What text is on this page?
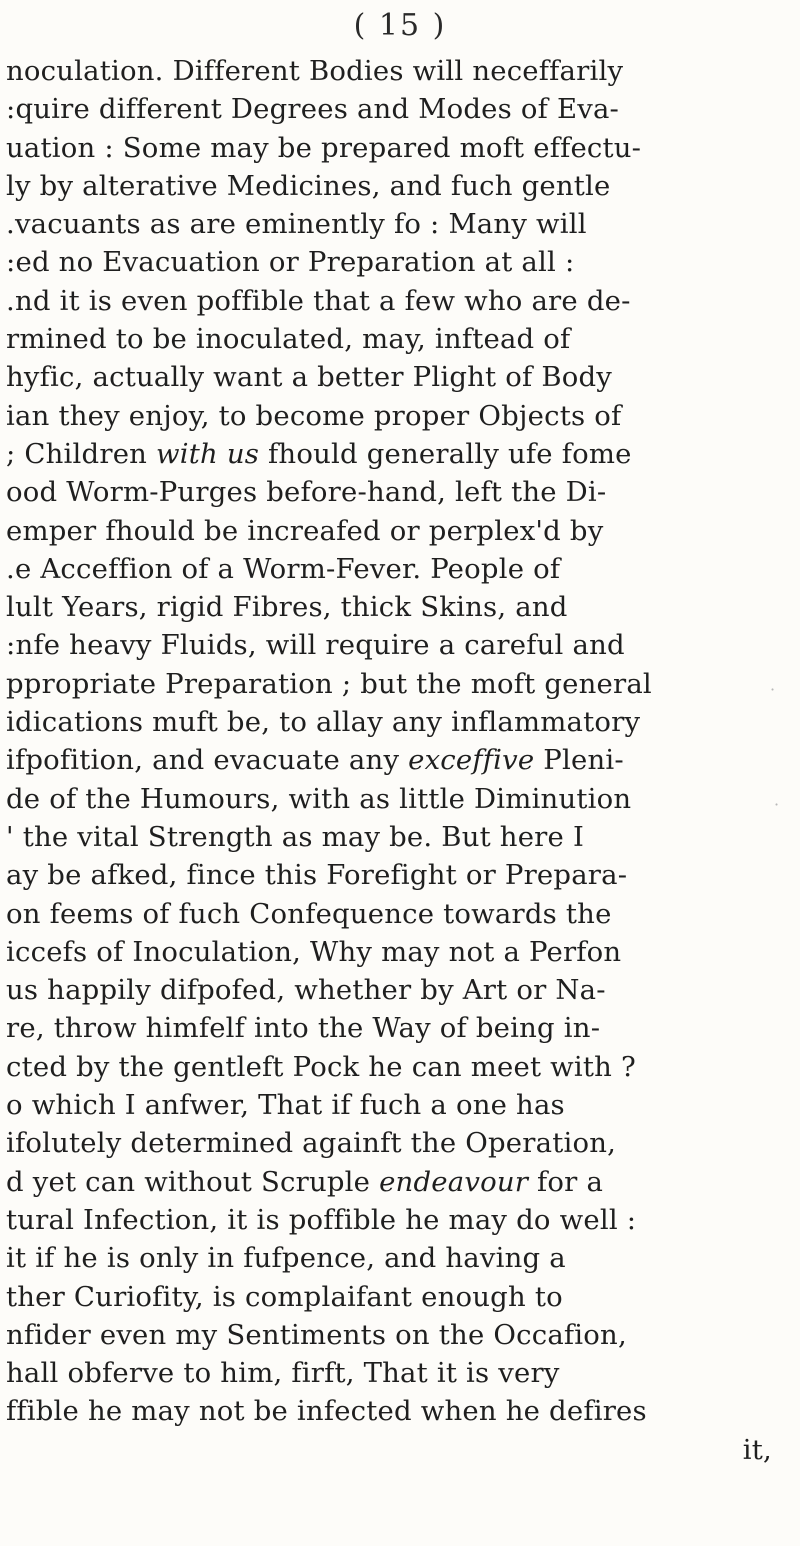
( 15 )
noculation. Different Bodies will neceffarily
:quire different Degrees and Modes of Eva-
uation : Some may be prepared moft effectu-
ly by alterative Medicines, and fuch gentle
.vacuants as are eminently fo : Many will
:ed no Evacuation or Preparation at all :
.nd it is even poffible that a few who are de-
rmined to be inoculated, may, inftead of
hyfic, actually want a better Plight of Body
ian they enjoy, to become proper Objects of
; Children with us fhould generally ufe fome
ood Worm-Purges before-hand, left the Di-
emper fhould be increafed or perplex'd by
.e Acceffion of a Worm-Fever. People of
lult Years, rigid Fibres, thick Skins, and
:nfe heavy Fluids, will require a careful and
ppropriate Preparation ; but the moft general
idications muft be, to allay any inflammatory
ifpofition, and evacuate any exceffive Pleni-
de of the Humours, with as little Diminution
' the vital Strength as may be. But here I
ay be afked, fince this Forefight or Prepara-
on feems of fuch Confequence towards the
iccefs of Inoculation, Why may not a Perfon
us happily difpofed, whether by Art or Na-
re, throw himfelf into the Way of being in-
cted by the gentleft Pock he can meet with ?
o which I anfwer, That if fuch a one has
ifolutely determined againft the Operation,
d yet can without Scruple endeavour for a
tural Infection, it is poffible he may do well :
it if he is only in fufpence, and having a
ther Curiofity, is complaifant enough to
nfider even my Sentiments on the Occafion,
hall obferve to him, firft, That it is very
ffible he may not be infected when he defires
it,
·
·
